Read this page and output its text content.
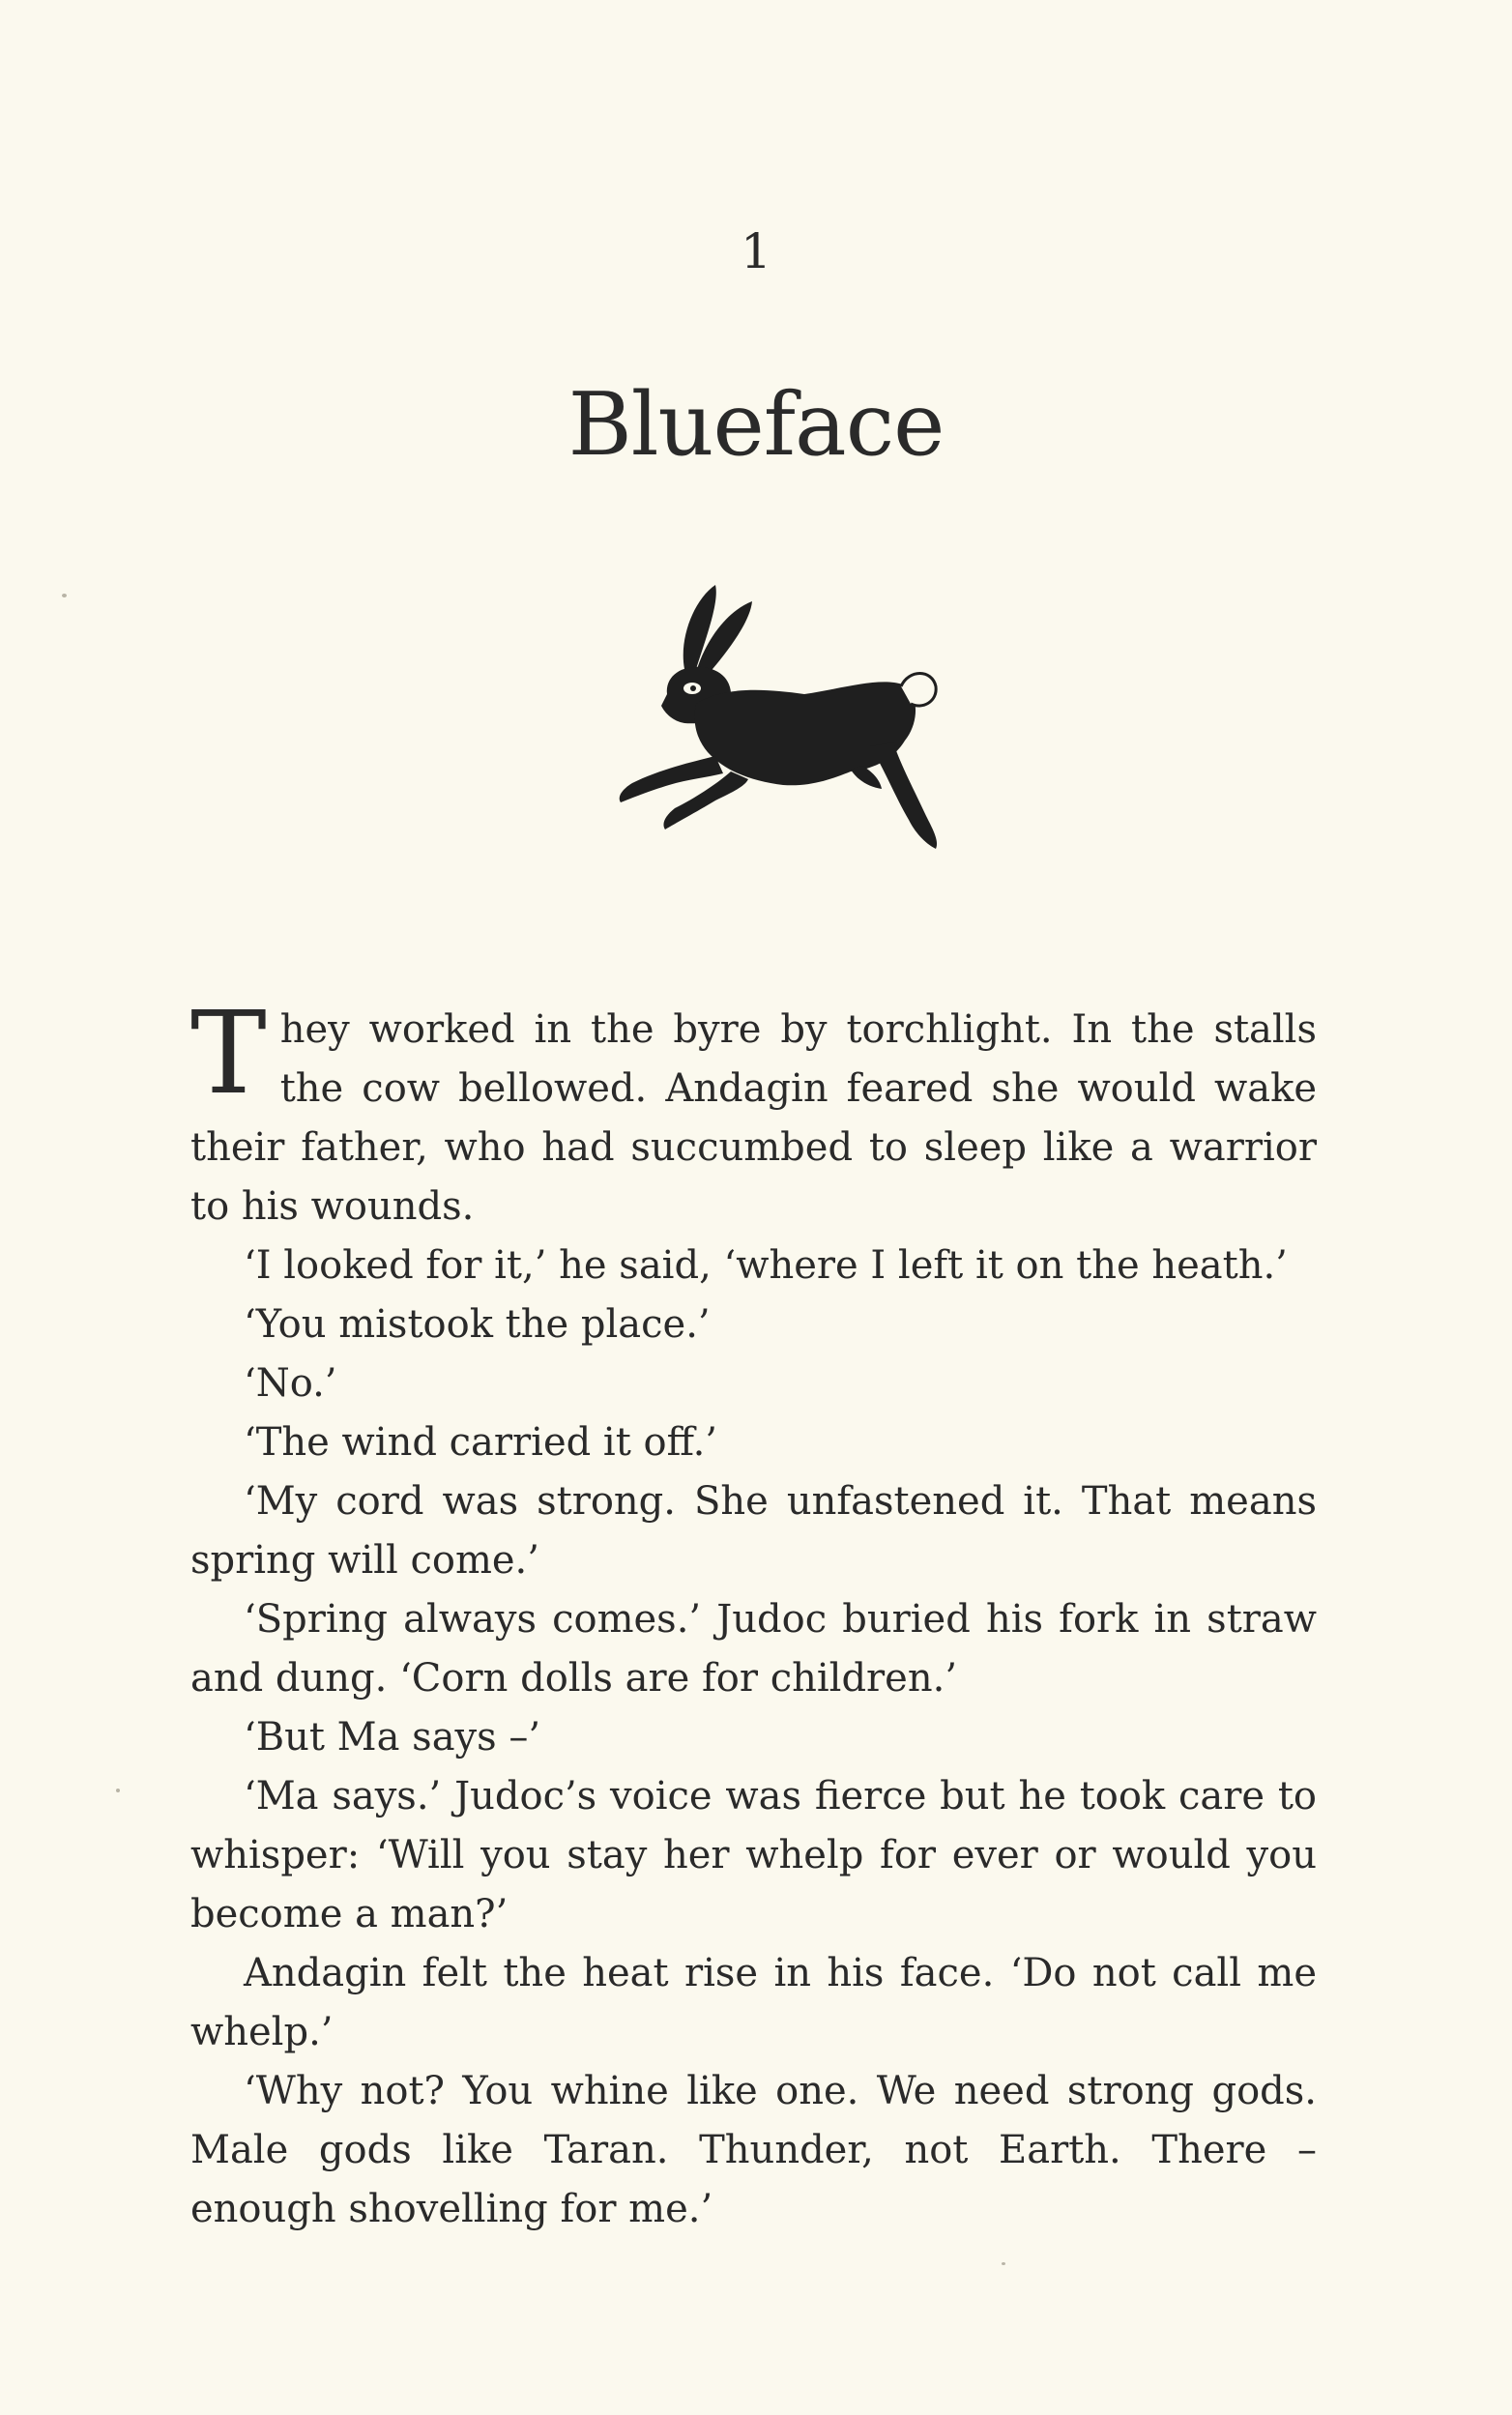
1
Blueface

They worked in the byre by torchlight. In the stalls the cow bellowed. Andagin feared she would wake their father, who had succumbed to sleep like a warrior to his wounds.

‘I looked for it,’ he said, ‘where I left it on the heath.’

‘You mistook the place.’

‘No.’

‘The wind carried it off.’

‘My cord was strong. She unfastened it. That means spring will come.’

‘Spring always comes.’ Judoc buried his fork in straw and dung. ‘Corn dolls are for children.’

‘But Ma says –’

‘Ma says.’ Judoc’s voice was fierce but he took care to whisper: ‘Will you stay her whelp for ever or would you become a man?’

Andagin felt the heat rise in his face. ‘Do not call me whelp.’

‘Why not? You whine like one. We need strong gods. Male gods like Taran. Thunder, not Earth. There – enough shovelling for me.’
